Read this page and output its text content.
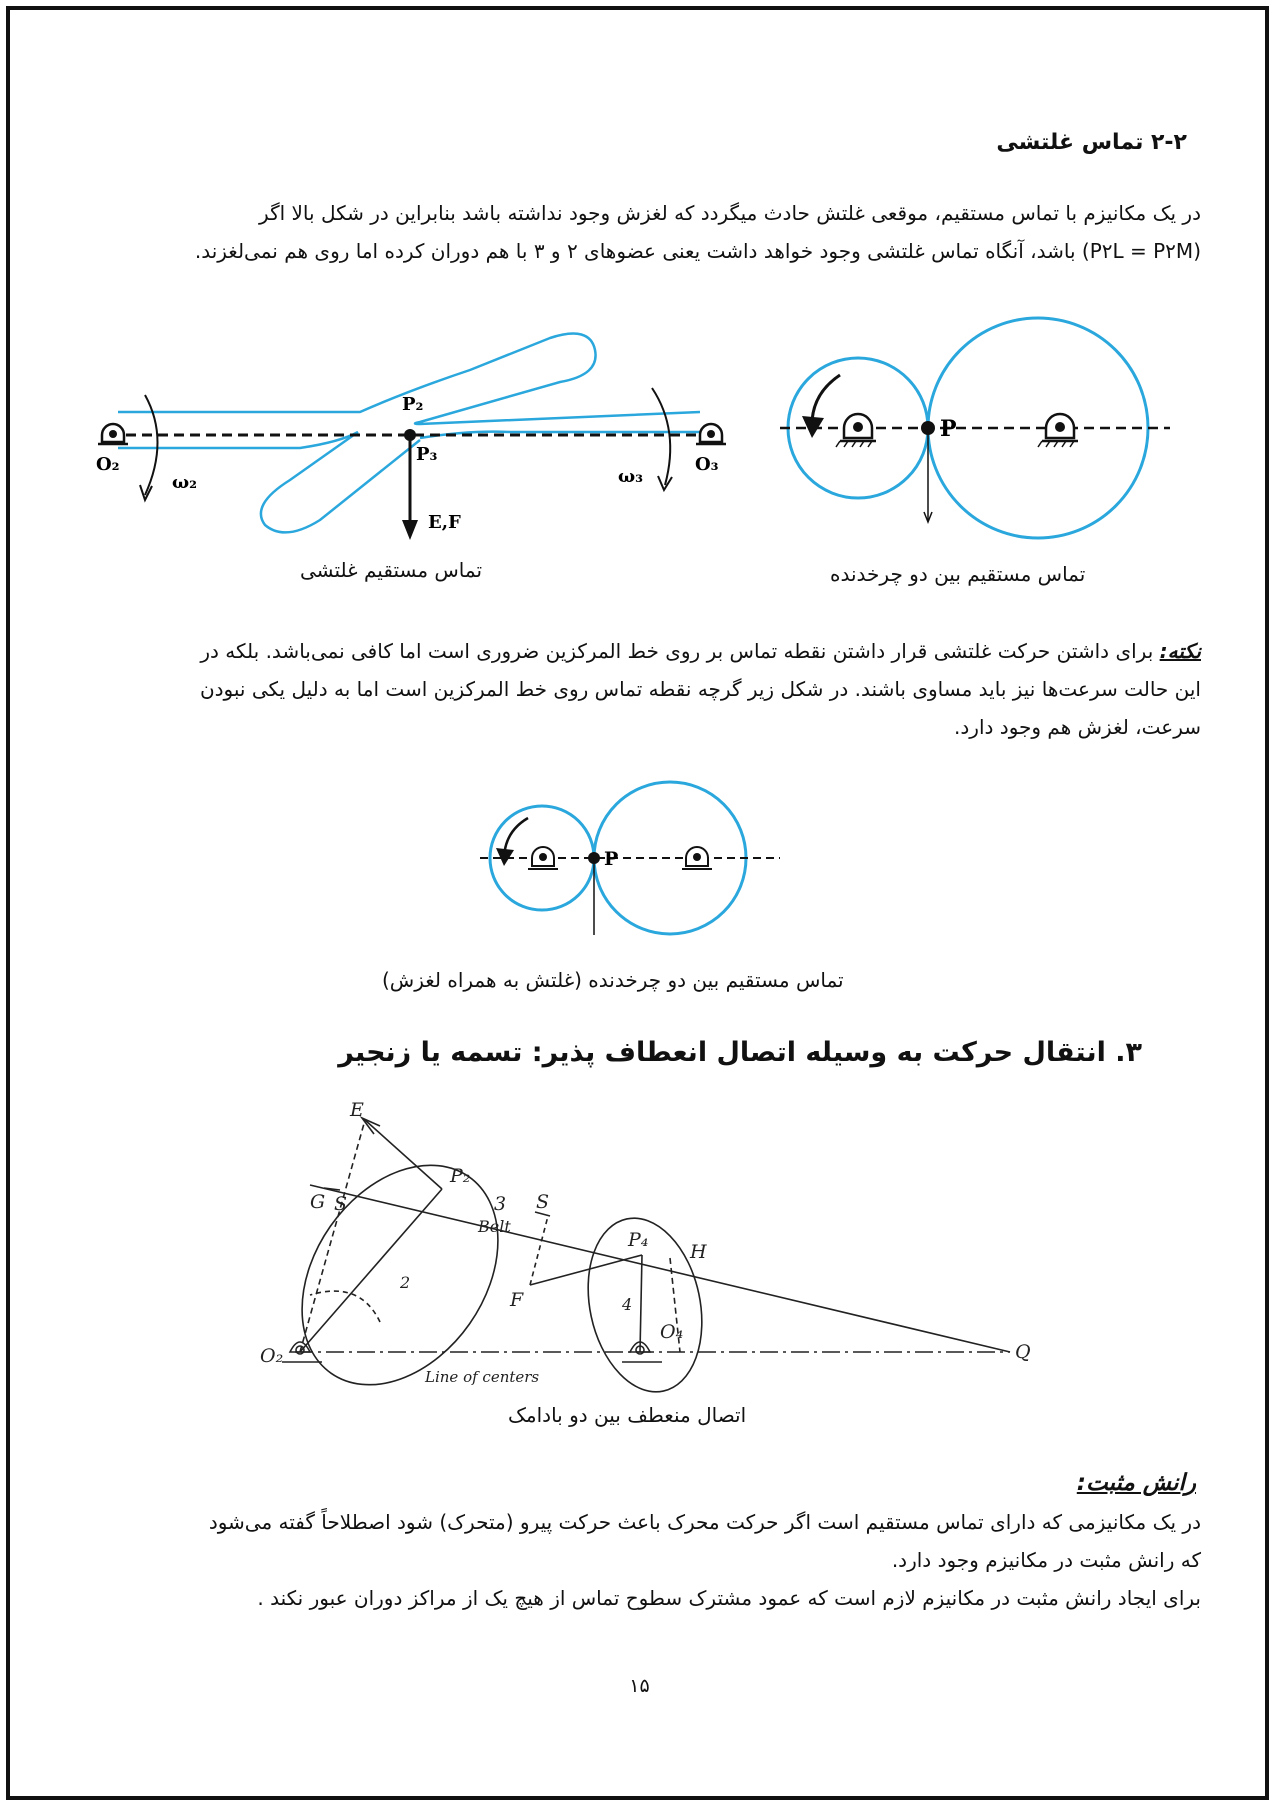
۲-۲ تماس غلتشی
در یک مکانیزم با تماس مستقیم، موقعی غلتش حادث میگردد که لغزش وجود نداشته باشد بنابراین در شکل بالا اگر
(P۲L = P۲M) باشد، آنگاه تماس غلتشی وجود خواهد داشت یعنی عضوهای ۲ و ۳ با هم دوران کرده اما روی هم نمی‌لغزند.
P₂
P₃
O₂	O₃
ω₂	ω₃
E,F
تماس مستقیم غلتشی
P
تماس مستقیم بین دو چرخدنده
نکته: برای داشتن حرکت غلتشی قرار داشتن نقطه تماس بر روی خط المرکزین ضروری است اما کافی نمی‌باشد. بلکه در
این حالت سرعت‌ها نیز باید مساوی باشند. در شکل زیر گرچه نقطه تماس روی خط المرکزین است اما به دلیل یکی نبودن
سرعت، لغزش هم وجود دارد.
P
تماس مستقیم بین دو چرخدنده (غلتش به همراه لغزش)
۳. انتقال حرکت به وسیله اتصال انعطاف پذیر: تسمه یا زنجیر
E
G S
P₂
3
Belt
S
P₄
H
F	4
2
O₂
O₄
Q
Line of centers
اتصال منعطف بین دو بادامک
رانش مثبت:
در یک مکانیزمی که دارای تماس مستقیم است اگر حرکت محرک باعث حرکت پیرو (متحرک) شود اصطلاحاً گفته می‌شود
که رانش مثبت در مکانیزم وجود دارد.
برای ایجاد رانش مثبت در مکانیزم لازم است که عمود مشترک سطوح تماس از هیچ یک از مراکز دوران عبور نکند .
۱۵
